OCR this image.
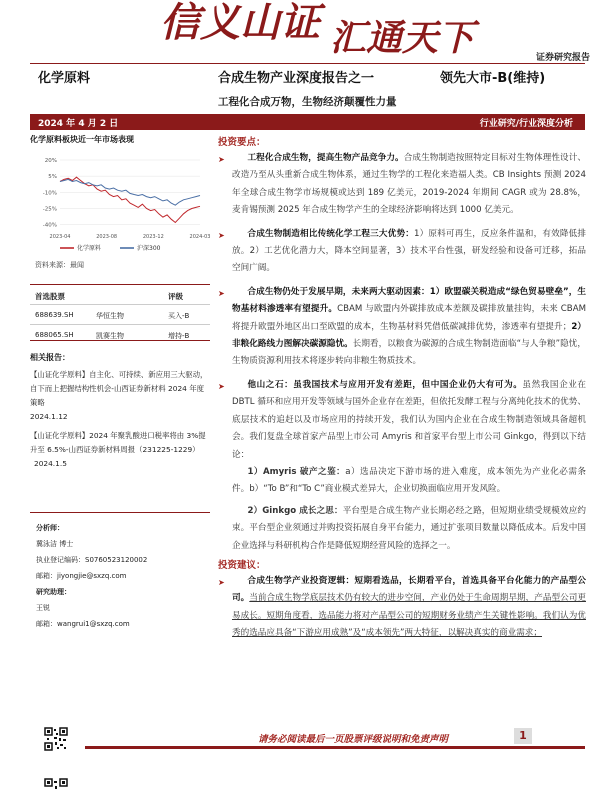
信义山证 汇通天下	证券研究报告
化学原料	合成生物产业深度报告之一	领先大市-B(维持)
工程化合成万物，生物经济颠覆性力量
2024 年 4 月 2 日	行业研究/行业深度分析
化学原料板块近一年市场表现
20%
5%
-10%
-25%
-40%
2023-04	2023-08	2023-12	2024-03
化学原料	沪深300
资料来源：最闻
首选股票	评级
688639.SH	华恒生物	买入-B
688065.SH	凯赛生物	增持-B
相关报告：
【山证化学原料】自主化、可持续、新应用三大驱动，自下而上把握结构性机会-山西证券新材料 2024 年度策略
2024.1.12
【山证化学原料】2024 年聚乳酸进口税率将由 3%提升至 6.5%-山西证券新材料周报（231225-1229） 2024.1.5
分析师：
冀泳洁 博士
执业登记编码：S0760523120002
邮箱：jiyongjie@sxzq.com
研究助理：
王锐
邮箱：wangrui1@sxzq.com
投资要点：
➤	工程化合成生物，提高生物产品竞争力。合成生物制造按照特定目标对生物体理性设计、改造乃至从头重新合成生物体系，通过生物学的工程化来造福人类。CB Insights 预测 2024 年全球合成生物学市场规模或达到 189 亿美元，2019-2024 年期间 CAGR 或为 28.8%，麦肯锡预测 2025 年合成生物学产生的全球经济影响将达到 1000 亿美元。
➤	合成生物制造相比传统化学工程三大优势：1）原料可再生，反应条件温和，有效降低排放。2）工艺优化潜力大，降本空间显著，3）技术平台性强，研发经验和设备可迁移，拓品空间广阔。
➤	合成生物仍处于发展早期，未来两大驱动因素：1）欧盟碳关税造成“绿色贸易壁垒”，生物基材料渗透率有望提升。CBAM 与欧盟内外碳排放成本差额及碳排放量挂钩，未来 CBAM 将提升欧盟外地区出口至欧盟的成本，生物基材料凭借低碳减排优势，渗透率有望提升；2）非粮化路线力图解决碳源隐忧。长期看，以粮食为碳源的合成生物制造面临“与人争粮”隐忧，生物质资源利用技术将逐步转向非粮生物质技术。
➤	他山之石：虽我国技术与应用开发有差距，但中国企业仍大有可为。虽然我国企业在 DBTL 循环和应用开发等领域与国外企业存在差距，但依托发酵工程与分离纯化技术的优势、底层技术的追赶以及市场应用的持续开发，我们认为国内企业在合成生物制造领域具备超机会。我们复盘全球首家产品型上市公司 Amyris 和首家平台型上市公司 Ginkgo，得到以下结论：
1）Amyris 破产之鉴：a）选品决定下游市场的进入难度，成本领先为产业化必需条件。b）“To B”和“To C”商业模式差异大，企业切换面临应用开发风险。
2）Ginkgo 成长之思：平台型是合成生物产业长期必经之路，但短期业绩受规模效应约束。平台型企业须通过并购投资拓展自身平台能力，通过扩张项目数量以降低成本。后发中国企业选择与科研机构合作是降低短期经营风险的选择之一。
投资建议：
➤	合成生物学产业投资逻辑：短期看选品，长期看平台，首选具备平台化能力的产品型公司。当前合成生物学底层技术仍有较大的进步空间，产业仍处于生命周期早期，产品型公司更易成长。短期角度看，选品能力将对产品型公司的短期财务业绩产生关键性影响。我们认为优秀的选品应具备“下游应用成熟”及“成本领先”两大特征，以解决真实的商业需求；
请务必阅读最后一页股票评级说明和免责声明	1
